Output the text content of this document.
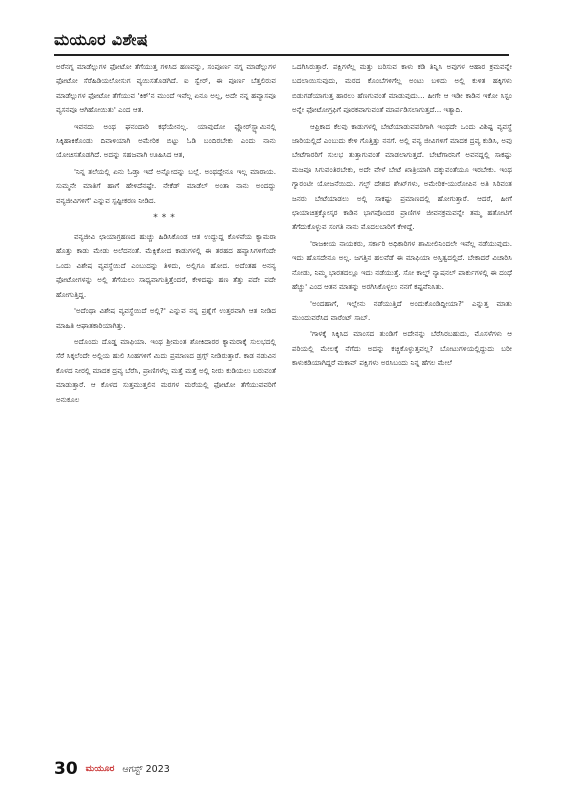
ಮಯೂರ ವಿಶೇಷ

ಅರೆನಗ್ನ ಮಾಡೆಲ್ಲುಗಳ ಫೋಟೋ ತೆಗೆಯುತ್ತ ಗಳಿಸಿದ ಹಣವನ್ನು, ಸಂಪೂರ್ಣ ನಗ್ನ ಮಾಡೆಲ್ಲುಗಳ ಫೋಟೋ ಸೆರೆಹಿಡಿಯಲೋಸುಗ ವ್ಯಯಿಸತೊಡಗಿದೆ. ಐ ಸ್ವೇರ್, ಈ ಪೂರ್ಣ ಬೆತ್ತಲಿರುವ ಮಾಡೆಲ್ಲುಗಳ ಫೋಟೋ ತೆಗೆಯುವ 'ಕಿಕ್'ನ ಮುಂದೆ ಇವೆಲ್ಲ ಏನೂ ಅಲ್ಲ, ಅದೇ ನನ್ನ ಹವ್ಯಾಸವೂ ವ್ಯಸನವೂ ಆಗಿಹೋಯಿತು' ಎಂದ ಆತ.

ಇವನದು ಅಂಥ ಘನಂದಾರಿ ಕಥೆಯೇನಲ್ಲ. ಯಾವುದೋ ಫ್ಲೋರ್‌ಸ್ಟ್ಯಾಮಿನಲ್ಲಿ ಸಿಕ್ಕಿಹಾಕಿಕೊಂಡು ದಿವಾಳಿಯಾಗಿ ಅಮೇರಿಕ ಬಿಟ್ಟು ಓಡಿ ಬಂದಿರಬೇಕು ಎಂದು ನಾನು ಯೋಚಿಸತೊಡಗಿದೆ. ಅದನ್ನು ಸಹಜವಾಗಿ ಊಹಿಸಿದ ಆತ,

'ನಿನ್ನ ತಲೆಯಲ್ಲಿ ಏನು ಓಡ್ತಾ ಇದೆ ಅನ್ನೋದನ್ನು ಬಲ್ಲೆ. ಅಂಥದ್ದೇನೂ ಇಲ್ಲ ಮಾರಾಯ. ಸುಮ್ಮನೇ ಮಾತಿಗೆ ಹಾಗೆ ಹೇಳಿದೆನಷ್ಟೇ. ನೇಕೆಡ್ ಮಾಡೆಲ್ ಅಂತಾ ನಾನು ಅಂದದ್ದು ವನ್ಯಜೀವಿಗಳಿಗೆ' ಎನ್ನುವ ಸ್ಪಷ್ಟೀಕರಣ ನೀಡಿದ.

***

ವನ್ಯಜೀವಿ ಛಾಯಾಗ್ರಹಣದ ಹುಚ್ಚು ಹಿಡಿಸಿಕೊಂಡ ಆತ ಉದ್ದುದ್ದ ಕೊಳವೆಯ ಕ್ಯಾಮರಾ ಹೊತ್ತು ಕಾಡು ಮೇಡು ಅಲೆದನಂತೆ. ಮೆಕ್ಸಿಕೋದ ಕಾಡುಗಳಲ್ಲಿ ಈ ತರಹದ ಹವ್ಯಾಸಿಗಳಿಗೆಂದೇ ಒಂದು ವಿಶೇಷ ವ್ಯವಸ್ಥೆಯಿದೆ ಎಂಬುದನ್ನು ತಿಳಿದು, ಅಲ್ಲಿಗೂ ಹೋದ. ಅದೆಂತಹ ಅನನ್ಯ ಫೋಟೋಗಳನ್ನು ಅಲ್ಲಿ ತೆಗೆಯಲು ಸಾಧ್ಯವಾಗುತ್ತಿತ್ತೆಂದರೆ, ಕೇಳಿದಷ್ಟು ಹಣ ತೆತ್ತು ಪದೇ ಪದೇ ಹೋಗುತ್ತಿದ್ದ.

'ಅದೆಂಥಾ ವಿಶೇಷ ವ್ಯವಸ್ಥೆಯಿದೆ ಅಲ್ಲಿ?' ಎನ್ನುವ ನನ್ನ ಪ್ರಶ್ನೆಗೆ ಉತ್ತರವಾಗಿ ಆತ ನೀಡಿದ ಮಾಹಿತಿ ಆಘಾತಕಾರಿಯಾಗಿತ್ತು.

ಅದೊಂದು ದೊಡ್ಡ ಮಾಫಿಯಾ. ಇಂಥ ಶ್ರೀಮಂತ ಶೋಕಿದಾರರ ಕ್ಯಾಮರಾಕ್ಕೆ ಸುಲಭದಲ್ಲಿ ಸೆರೆ ಸಿಕ್ಕಲೆಂದೇ ಅಲ್ಲಿಯ ಹುಲಿ ಸಿಂಹಗಳಿಗೆ ಮಿದು ಪ್ರಮಾಣದ ಡ್ರಗ್ಸ್ ನೀಡಿರುತ್ತಾರೆ. ಕಾಡ ನಡುವಿನ ಕೊಳದ ನೀರಲ್ಲಿ ಮಾದಕ ದ್ರವ್ಯ ಬೆರೆಸಿ, ಪ್ರಾಣಿಗಳೆಲ್ಲ ಮತ್ತೆ ಮತ್ತೆ ಅಲ್ಲಿ ನೀರು ಕುಡಿಯಲು ಬರುವಂತೆ ಮಾಡುತ್ತಾರೆ. ಆ ಕೊಳದ ಸುತ್ತಮುತ್ತಲಿನ ಮರಗಳ ಮರೆಯಲ್ಲಿ ಫೋಟೋ ತೆಗೆಯುವವರಿಗೆ ಅನುಕೂಲ

ಒದಗಿಸಿರುತ್ತಾರೆ. ಪಕ್ಷಿಗಳೆಲ್ಲ ಮತ್ತು ಬರಿಸುವ ಕಾಳು ಕಡಿ ತಿನ್ನಿಸಿ ಅವುಗಳ ಆಹಾರ ಕ್ರಮವನ್ನೇ ಬದಲಾಯಿಸುವುದು, ಮರದ ಕೊಂಬೆಗಳಿಗೆಲ್ಲ ಅಂಟು ಬಳಿದು ಅಲ್ಲಿ ಕುಳಿತ ಹಕ್ಕಿಗಳು ಬಿಡುಗಡೆಯಾಗುತ್ತ ಹಾರಲು ಹೆಣಗುವಂತೆ ಮಾಡುವುದು... ಹೀಗೇ ಆ ಇಡೀ ಕಾಡಿನ ಇಕೋ ಸಿಸ್ಟಂ ಅನ್ನೇ ಫೋಟೋಗ್ರಫಿಗೆ ಪೂರಕವಾಗುವಂತೆ ಮಾರ್ಪಡಿಸಲಾಗುತ್ತದೆ... ಇತ್ಯಾದಿ.

ಆಫ್ರಿಕಾದ ಕೆಲವು ಕಾಡುಗಳಲ್ಲಿ ಬೇಟೆಯಾಡುವವರಿಗಾಗಿ ಇಂಥದೇ ಒಂದು ವಿಶಿಷ್ಟ ವ್ಯವಸ್ಥೆ ಜಾರಿಯಲ್ಲಿದೆ ಎಂಬುದು ಕೇಳಿ ಗೊತ್ತಿತ್ತು ನನಗೆ. ಅಲ್ಲಿ ವನ್ಯ ಜೀವಿಗಳಿಗೆ ಮಾದಕ ದ್ರವ್ಯ ಕುಡಿಸಿ, ಅವು ಬೇಟೆಗಾರರಿಗೆ ಸುಲಭ ತುತ್ತಾಗುವಂತೆ ಮಾಡಲಾಗುತ್ತದೆ. ಬೇಟೆಗಾರನಿಗೆ ಅವನದ್ದಲ್ಲಿ ಸಾಕಷ್ಟು ಮಜವೂ ಸಿಗುವಂತಿರಬೇಕು, ಅದೇ ವೇಳೆ ಬೇಟೆ ಖಾತ್ರಿಯಾಗಿ ದಕ್ಕುವಂತೆಯೂ ಇರಬೇಕು. ಇಂಥ ಗ್ಯಾರಂಟೀ ಯೋಜನೆಯಿದು. ಗಲ್ಫ್ ದೇಶದ ಶೇಖ್‌ಗಳು, ಅಮೇರಿಕ-ಯುರೋಪಿನ ಅತಿ ಸಿರಿವಂತ ಜನರು ಬೇಟೆಯಾಡಲು ಅಲ್ಲಿ ಸಾಕಷ್ಟು ಪ್ರಮಾಣದಲ್ಲಿ ಹೋಗುತ್ತಾರೆ. ಆದರೆ, ಹೀಗೆ ಛಾಯಾಚಿತ್ರಕ್ಕೋಸ್ಕರ ಕಾಡಿನ ಭಾಗವೊಂದರ ಪ್ರಾಣಿಗಳ ಜೀವನಕ್ರಮವನ್ನೇ ತಮ್ಮ ಹತೋಟಿಗೆ ತೆಗೆದುಕೊಳ್ಳುವ ಸಂಗತಿ ನಾನು ಮೊದಲಬಾರಿಗೆ ಕೇಳಿದ್ದೆ.

'ರಾಜಕೀಯ ನಾಯಕರು, ಸರ್ಕಾರಿ ಅಧಿಕಾರಿಗಳ ಶಾಮೀಲಿನಿಂದಲೇ ಇವೆಲ್ಲ ನಡೆಯುವುದು. ಇದು ಹೊಸದೇನೂ ಅಲ್ಲ. ಜಗತ್ತಿನ ಹಲವೆಡೆ ಈ ಮಾಫಿಯಾ ಅಸ್ತಿತ್ವದಲ್ಲಿದೆ. ಬೇಕಾದರೆ ವಿಚಾರಿಸಿ ನೋಡು, ನಿಮ್ಮ ಭಾರತದಲ್ಲೂ ಇದು ನಡೆಯುತ್ತೆ. ಸೋ ಕಾಲ್ಡ್ ನ್ಯಾಷನಲ್ ಪಾರ್ಕುಗಳಲ್ಲಿ ಈ ದಂಧೆ ಹೆಚ್ಚು' ಎಂದ ಆತನ ಮಾತನ್ನು ಅರಗಿಸಿಕೊಳ್ಳಲು ನನಗೆ ಕಷ್ಟವೆನಿಸಿತು.

'ಅಂದಹಾಗೆ, ಇಲ್ಲೇನು ನಡೆಯುತ್ತಿದೆ ಅಂದುಕೊಂಡಿದ್ದೀಯಾ?' ಎನ್ನುತ್ತ ಮಾತು ಮುಂದುವರೆಸಿದ ವಾರೆಂಟ್ ಸಾಬ್.

'ಗಾಳಕ್ಕೆ ಸಿಕ್ಕಿಸಿದ ಮಾಂಸದ ತುಂಡಿಗೆ ಅದೇನನ್ನು ಬೆರೆಸಿರಬಹುದು, ಮೊಸಳೆಗಳು ಆ ಪರಿಯಲ್ಲಿ ಮೇಲಕ್ಕೆ ನೆಗೆದು ಅದನ್ನು ಕಚ್ಚಿಕೊಳ್ಳುತ್ತವಲ್ಲ? ಬೋಟುಗಳಿಯಲ್ಲಿದ್ದುದು ಬರೀ ಕಾಳುಕಡಿಯಾಗಿದ್ದರೆ ಮಕಾವ್ ಪಕ್ಷಿಗಳು ಅರಸಿಬಂದು ನಿನ್ನ ಹೆಗಲ ಮೇಲೆ

30 ಮಯೂರ ಆಗಸ್ಟ್ 2023
